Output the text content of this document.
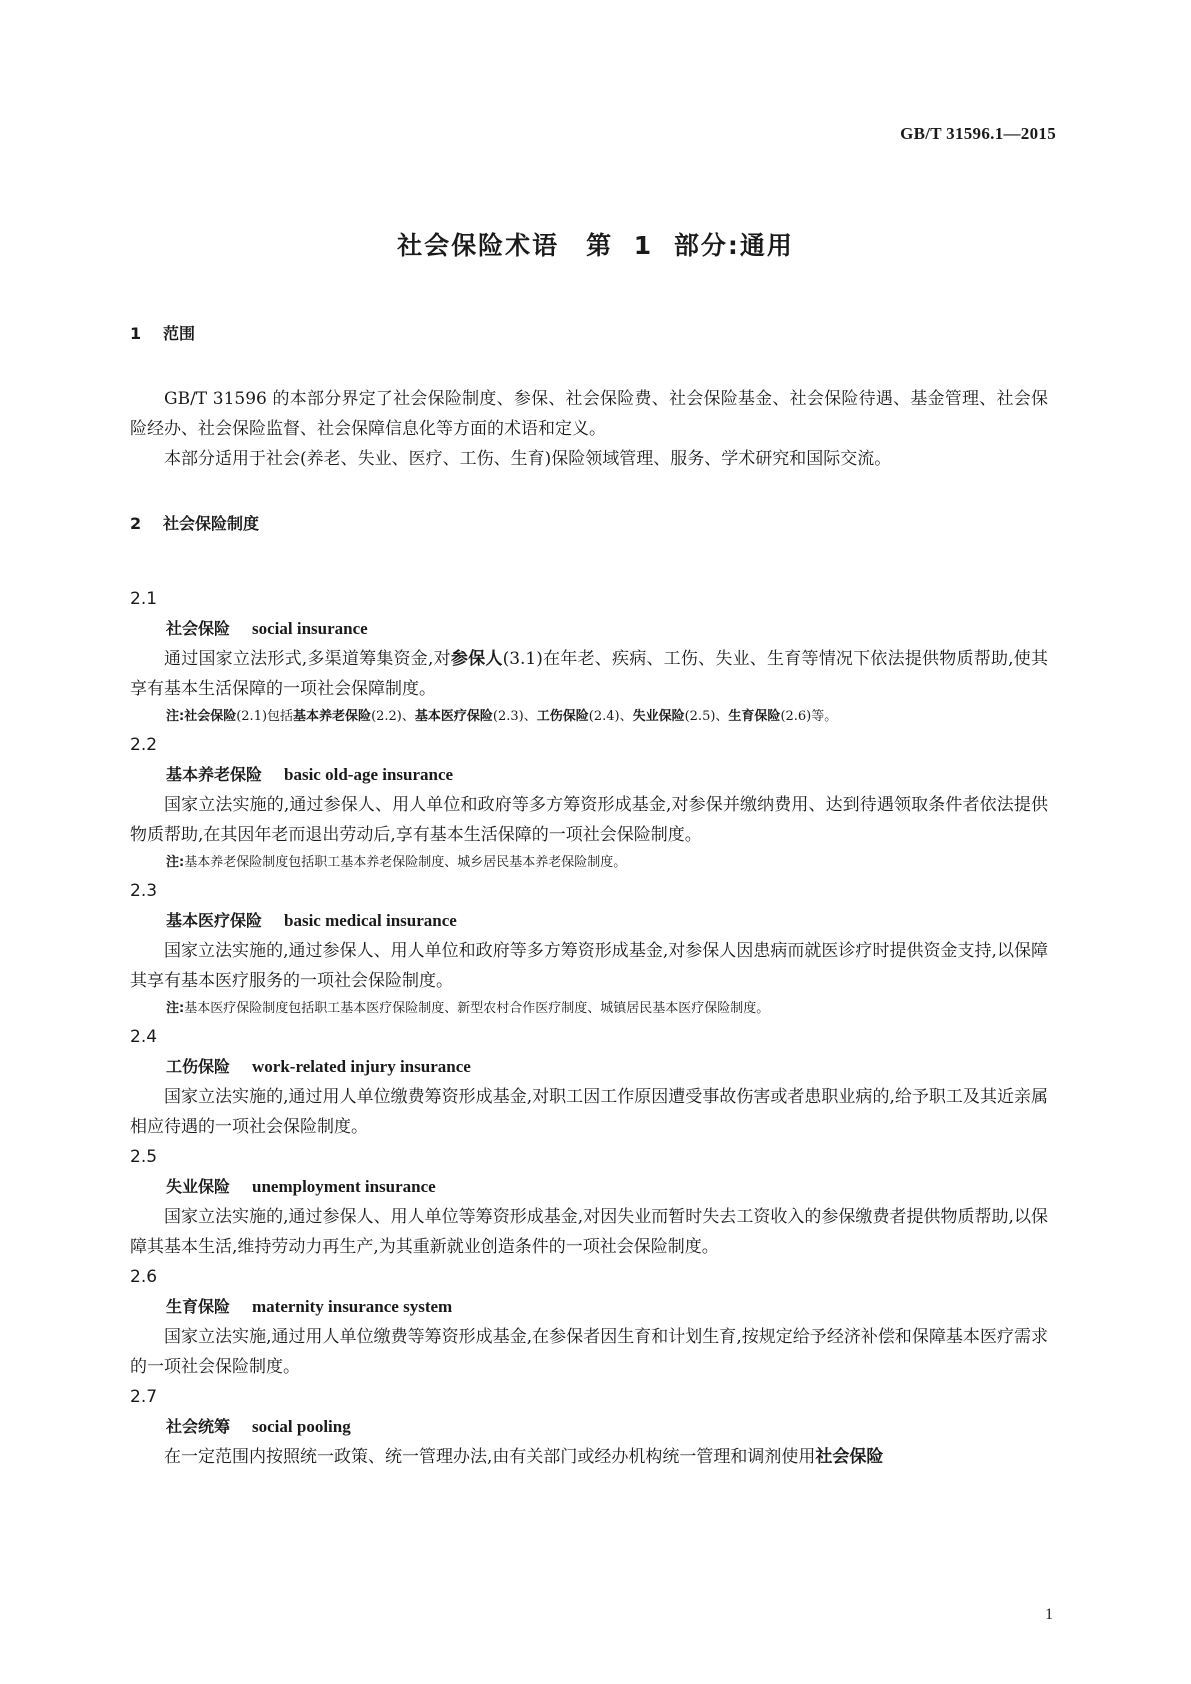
GB/T 31596.1—2015
社会保险术语　第 1 部分:通用
1 范围

GB/T 31596 的本部分界定了社会保险制度、参保、社会保险费、社会保险基金、社会保险待遇、基金管理、社会保险经办、社会保险监督、社会保障信息化等方面的术语和定义。

本部分适用于社会(养老、失业、医疗、工伤、生育)保险领域管理、服务、学术研究和国际交流。

2 社会保险制度
2.1
社会保险 social insurance

通过国家立法形式,多渠道筹集资金,对参保人(3.1)在年老、疾病、工伤、失业、生育等情况下依法提供物质帮助,使其享有基本生活保障的一项社会保障制度。

注:社会保险(2.1)包括基本养老保险(2.2)、基本医疗保险(2.3)、工伤保险(2.4)、失业保险(2.5)、生育保险(2.6)等。

2.2
基本养老保险 basic old-age insurance

国家立法实施的,通过参保人、用人单位和政府等多方筹资形成基金,对参保并缴纳费用、达到待遇领取条件者依法提供物质帮助,在其因年老而退出劳动后,享有基本生活保障的一项社会保险制度。

注:基本养老保险制度包括职工基本养老保险制度、城乡居民基本养老保险制度。

2.3
基本医疗保险 basic medical insurance

国家立法实施的,通过参保人、用人单位和政府等多方筹资形成基金,对参保人因患病而就医诊疗时提供资金支持,以保障其享有基本医疗服务的一项社会保险制度。

注:基本医疗保险制度包括职工基本医疗保险制度、新型农村合作医疗制度、城镇居民基本医疗保险制度。

2.4
工伤保险 work-related injury insurance

国家立法实施的,通过用人单位缴费筹资形成基金,对职工因工作原因遭受事故伤害或者患职业病的,给予职工及其近亲属相应待遇的一项社会保险制度。

2.5
失业保险 unemployment insurance

国家立法实施的,通过参保人、用人单位等筹资形成基金,对因失业而暂时失去工资收入的参保缴费者提供物质帮助,以保障其基本生活,维持劳动力再生产,为其重新就业创造条件的一项社会保险制度。

2.6
生育保险 maternity insurance system

国家立法实施,通过用人单位缴费等筹资形成基金,在参保者因生育和计划生育,按规定给予经济补偿和保障基本医疗需求的一项社会保险制度。

2.7
社会统筹 social pooling

在一定范围内按照统一政策、统一管理办法,由有关部门或经办机构统一管理和调剂使用社会保险

1
